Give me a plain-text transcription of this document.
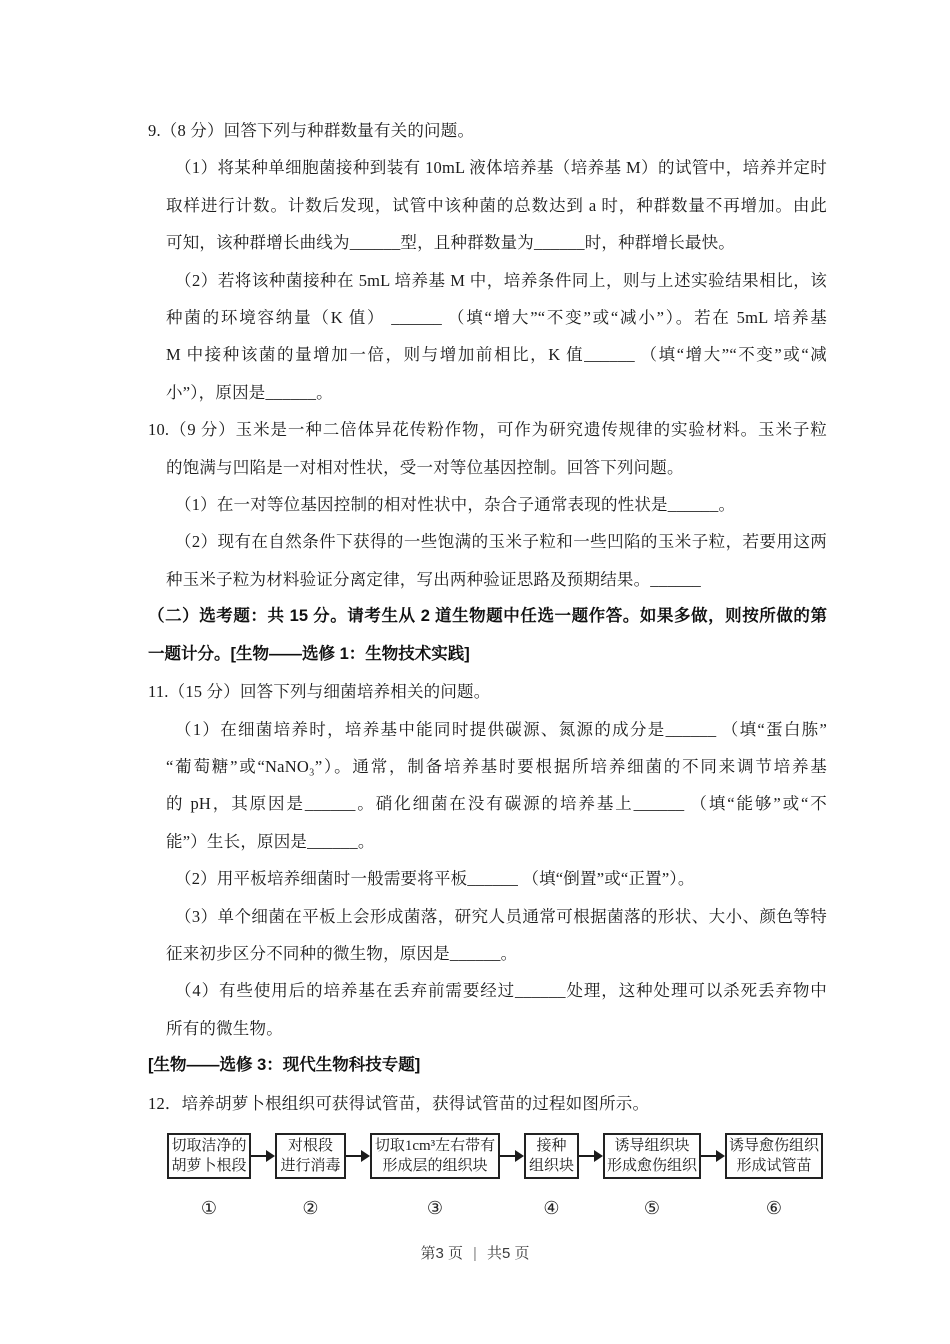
9.（8 分）回答下列与种群数量有关的问题。

（1）将某种单细胞菌接种到装有 10mL 液体培养基（培养基 M）的试管中，培养并定时

取样进行计数。计数后发现，试管中该种菌的总数达到 a 时，种群数量不再增加。由此

可知，该种群增长曲线为______型，且种群数量为______时，种群增长最快。

（2）若将该种菌接种在 5mL 培养基 M 中，培养条件同上，则与上述实验结果相比，该

种菌的环境容纳量（K 值） ______ （填“增大”“不变”或“减小”）。若在 5mL 培养基

M 中接种该菌的量增加一倍，则与增加前相比，K 值______ （填“增大”“不变”或“减

小”），原因是______。

10.（9 分）玉米是一种二倍体异花传粉作物，可作为研究遗传规律的实验材料。玉米子粒

的饱满与凹陷是一对相对性状，受一对等位基因控制。回答下列问题。

（1）在一对等位基因控制的相对性状中，杂合子通常表现的性状是______。

（2）现有在自然条件下获得的一些饱满的玉米子粒和一些凹陷的玉米子粒，若要用这两

种玉米子粒为材料验证分离定律，写出两种验证思路及预期结果。______

（二）选考题：共 15 分。请考生从 2 道生物题中任选一题作答。如果多做，则按所做的第

一题计分。[生物——选修 1：生物技术实践]

11.（15 分）回答下列与细菌培养相关的问题。

（1）在细菌培养时，培养基中能同时提供碳源、氮源的成分是______ （填“蛋白胨”

“葡萄糖”或“NaNO₃”）。通常，制备培养基时要根据所培养细菌的不同来调节培养基

的 pH，其原因是______。硝化细菌在没有碳源的培养基上______ （填“能够”或“不

能”）生长，原因是______。

（2）用平板培养细菌时一般需要将平板______ （填“倒置”或“正置”）。

（3）单个细菌在平板上会形成菌落，研究人员通常可根据菌落的形状、大小、颜色等特

征来初步区分不同种的微生物，原因是______。

（4）有些使用后的培养基在丢弃前需要经过______处理，这种处理可以杀死丢弃物中

所有的微生物。

[生物——选修 3：现代生物科技专题]

12．培养胡萝卜根组织可获得试管苗，获得试管苗的过程如图所示。

切取洁净的
胡萝卜根段
①
对根段
进行消毒
②
切取1cm³左右带有
形成层的组织块
③
接种
组织块
④
诱导组织块
形成愈伤组织
⑤
诱导愈伤组织
形成试管苗
⑥
第3 页 | 共5 页
